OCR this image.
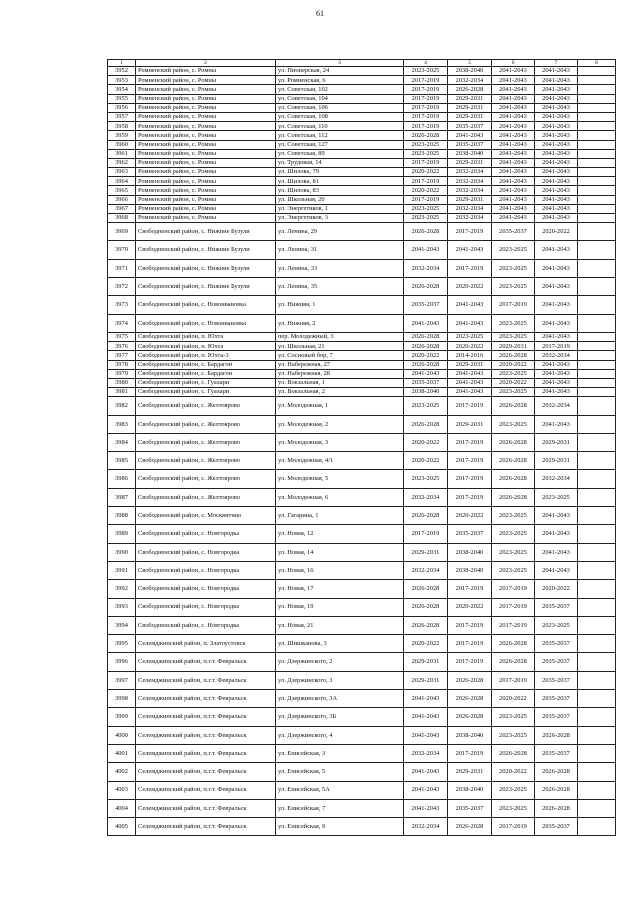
61
1	2	3	4	5	6	7	8
3952	Ромненский район, с. Ромны	ул. Пионерская, 24	2023-2025	2038-2040	2041-2043	2041-2043	
3953	Ромненский район, с. Ромны	ул. Ромненская, 6	2017-2019	2032-2034	2041-2043	2041-2043	
3954	Ромненский район, с. Ромны	ул. Советская, 102	2017-2019	2026-2028	2041-2043	2041-2043	
3955	Ромненский район, с. Ромны	ул. Советская, 104	2017-2019	2029-2031	2041-2043	2041-2043	
3956	Ромненский район, с. Ромны	ул. Советская, 106	2017-2019	2029-2031	2041-2043	2041-2043	
3957	Ромненский район, с. Ромны	ул. Советская, 108	2017-2019	2029-2031	2041-2043	2041-2043	
3958	Ромненский район, с. Ромны	ул. Советская, 110	2017-2019	2035-2037	2041-2043	2041-2043	
3959	Ромненский район, с. Ромны	ул. Советская, 112	2026-2028	2041-2043	2041-2043	2041-2043	
3960	Ромненский район, с. Ромны	ул. Советская, 127	2023-2025	2035-2037	2041-2043	2041-2043	
3961	Ромненский район, с. Ромны	ул. Советская, 89	2023-2025	2038-2040	2041-2043	2041-2043	
3962	Ромненский район, с. Ромны	ул. Трудовая, 14	2017-2019	2029-2031	2041-2043	2041-2043	
3963	Ромненский район, с. Ромны	ул. Шилова, 79	2020-2022	2032-2034	2041-2043	2041-2043	
3964	Ромненский район, с. Ромны	ул. Шилова, 81	2017-2019	2032-2034	2041-2043	2041-2043	
3965	Ромненский район, с. Ромны	ул. Шилова, 83	2020-2022	2032-2034	2041-2043	2041-2043	
3966	Ромненский район, с. Ромны	ул. Школьная, 20	2017-2019	2029-2031	2041-2043	2041-2043	
3967	Ромненский район, с. Ромны	ул. Энергетиков, 1	2023-2025	2032-2034	2041-2043	2041-2043	
3968	Ромненский район, с. Ромны	ул. Энергетиков, 3	2023-2025	2032-2034	2041-2043	2041-2043	
3969	Свободненский район, с. Нижние Бузули	ул. Ленина, 29	2026-2028	2017-2019	2035-2037	2020-2022	
3970	Свободненский район, с. Нижние Бузули	ул. Ленина, 31	2041-2043	2041-2043	2023-2025	2041-2043	
3971	Свободненский район, с. Нижние Бузули	ул. Ленина, 33	2032-2034	2017-2019	2023-2025	2041-2043	
3972	Свободненский район, с. Нижние Бузули	ул. Ленина, 35	2026-2028	2020-2022	2023-2025	2041-2043	
3973	Свободненский район, с. Новоивановка	ул. Нижняя, 1	2035-2037	2041-2043	2017-2019	2041-2043	
3974	Свободненский район, с. Новоивановка	ул. Нижняя, 2	2041-2043	2041-2043	2023-2025	2041-2043	
3975	Свободненский район, п. Юхта	пер. Молодежный, 3	2026-2028	2023-2025	2023-2025	2041-2043	
3976	Свободненский район, п. Юхта	ул. Школьная, 21	2026-2028	2020-2022	2029-2031	2017-2019	
3977	Свободненский район, п. Юхта-3	ул. Сосновый бор, 7	2020-2022	2014-2016	2026-2028	2032-2034	
3978	Свободненский район, с. Бардагон	ул. Набережная, 27	2026-2028	2029-2031	2020-2022	2041-2043	
3979	Свободненский район, с. Бардагон	ул. Набережная, 28	2041-2043	2041-2043	2023-2025	2041-2043	
3980	Свободненский район, с. Гуахари	ул. Вокзальная, 1	2035-2037	2041-2043	2020-2022	2041-2043	
3981	Свободненский район, с. Гуахари	ул. Вокзальная, 2	2038-2040	2041-2043	2023-2025	2041-2043	
3982	Свободненский район, с. Желтоярово	ул. Молодежная, 1	2023-2025	2017-2019	2026-2028	2032-2034	
3983	Свободненский район, с. Желтоярово	ул. Молодежная, 2	2026-2028	2029-2031	2023-2025	2041-2043	
3984	Свободненский район, с. Желтоярово	ул. Молодежная, 3	2020-2022	2017-2019	2026-2028	2029-2031	
3985	Свободненский район, с. Желтоярово	ул. Молодежная, 4/1	2020-2022	2017-2019	2026-2028	2029-2031	
3986	Свободненский район, с. Желтоярово	ул. Молодежная, 5	2023-2025	2017-2019	2026-2028	2032-2034	
3987	Свободненский район, с. Желтоярово	ул. Молодежная, 6	2032-2034	2017-2019	2026-2028	2023-2025	
3988	Свободненский район, с. Москвитино	ул. Гагарина, 1	2026-2028	2020-2022	2023-2025	2041-2043	
3989	Свободненский район, с. Новгородка	ул. Новая, 12	2017-2019	2035-2037	2023-2025	2041-2043	
3990	Свободненский район, с. Новгородка	ул. Новая, 14	2029-2031	2038-2040	2023-2025	2041-2043	
3991	Свободненский район, с. Новгородка	ул. Новая, 16	2032-2034	2038-2040	2023-2025	2041-2043	
3992	Свободненский район, с. Новгородка	ул. Новая, 17	2026-2028	2017-2019	2017-2019	2020-2022	
3993	Свободненский район, с. Новгородка	ул. Новая, 19	2026-2028	2020-2022	2017-2019	2035-2037	
3994	Свободненский район, с. Новгородка	ул. Новая, 21	2026-2028	2017-2019	2017-2019	2023-2025	
3995	Селемджинский район, п. Златоустовск	ул. Шишканова, 3	2020-2022	2017-2019	2026-2028	2035-2037	
3996	Селемджинский район, п.г.т. Февральск	ул. Дзержинского, 2	2029-2031	2017-2019	2026-2028	2035-2037	
3997	Селемджинский район, п.г.т. Февральск	ул. Дзержинского, 3	2029-2031	2026-2028	2017-2019	2035-2037	
3998	Селемджинский район, п.г.т. Февральск	ул. Дзержинского, 3А	2041-2043	2026-2028	2020-2022	2035-2037	
3999	Селемджинский район, п.г.т. Февральск	ул. Дзержинского, 3Б	2041-2043	2026-2028	2023-2025	2035-2037	
4000	Селемджинский район, п.г.т. Февральск	ул. Дзержинского, 4	2041-2043	2038-2040	2023-2025	2026-2028	
4001	Селемджинский район, п.г.т. Февральск	ул. Енисейская, 3	2032-2034	2017-2019	2026-2028	2035-2037	
4002	Селемджинский район, п.г.т. Февральск	ул. Енисейская, 5	2041-2043	2029-2031	2020-2022	2026-2028	
4003	Селемджинский район, п.г.т. Февральск	ул. Енисейская, 5А	2041-2043	2038-2040	2023-2025	2026-2028	
4004	Селемджинский район, п.г.т. Февральск	ул. Енисейская, 7	2041-2043	2035-2037	2023-2025	2026-2028	
4005	Селемджинский район, п.г.т. Февральск	ул. Енисейская, 9	2032-2034	2026-2028	2017-2019	2035-2037	
